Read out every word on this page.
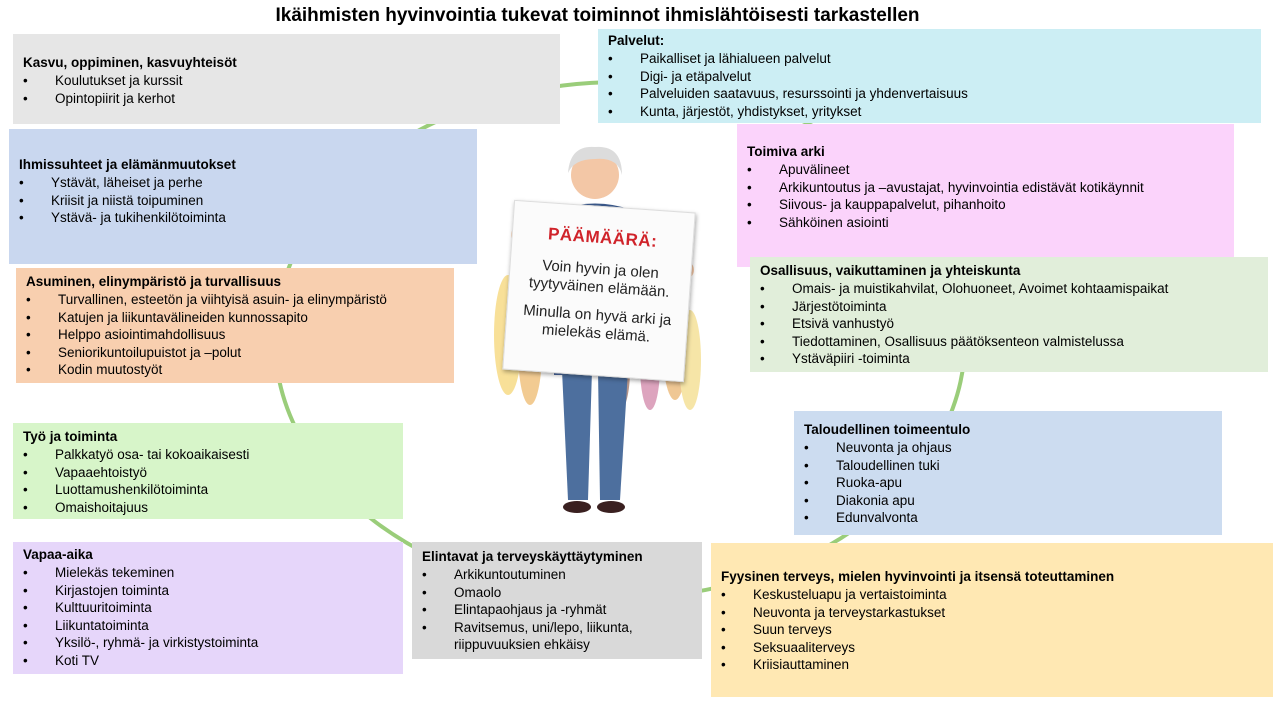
Ikäihmisten hyvinvointia tukevat toiminnot ihmislähtöisesti tarkastellen
PÄÄMÄÄRÄ:

Voin hyvin ja olen tyytyväinen elämään.

Minulla on hyvä arki ja mielekäs elämä.

Kasvu, oppiminen, kasvuyhteisöt
• Koulutukset ja kurssit
• Opintopiirit ja kerhot
Palvelut:
• Paikalliset ja lähialueen palvelut
• Digi- ja etäpalvelut
• Palveluiden saatavuus, resurssointi ja yhdenvertaisuus
• Kunta, järjestöt, yhdistykset, yritykset
Ihmissuhteet ja elämänmuutokset
• Ystävät, läheiset ja perhe
• Kriisit ja niistä toipuminen
• Ystävä- ja tukihenkilötoiminta
Toimiva arki
• Apuvälineet
• Arkikuntoutus ja –avustajat, hyvinvointia edistävät kotikäynnit
• Siivous- ja kauppapalvelut, pihanhoito
• Sähköinen asiointi
Asuminen, elinympäristö ja turvallisuus
• Turvallinen, esteetön ja viihtyisä asuin- ja elinympäristö
• Katujen ja liikuntavälineiden kunnossapito
• Helppo asiointimahdollisuus
• Seniorikuntoilupuistot ja –polut
• Kodin muutostyöt
Osallisuus, vaikuttaminen ja yhteiskunta
• Omais- ja muistikahvilat, Olohuoneet, Avoimet kohtaamispaikat
• Järjestötoiminta
• Etsivä vanhustyö
• Tiedottaminen, Osallisuus päätöksenteon valmistelussa
• Ystäväpiiri -toiminta
Työ ja toiminta
• Palkkatyö osa- tai kokoaikaisesti
• Vapaaehtoistyö
• Luottamushenkilötoiminta
• Omaishoitajuus
Taloudellinen toimeentulo
• Neuvonta ja ohjaus
• Taloudellinen tuki
• Ruoka-apu
• Diakonia apu
• Edunvalvonta
Vapaa-aika
• Mielekäs tekeminen
• Kirjastojen toiminta
• Kulttuuritoiminta
• Liikuntatoiminta
• Yksilö-, ryhmä- ja virkistystoiminta
• Koti TV
Elintavat ja terveyskäyttäytyminen
• Arkikuntoutuminen
• Omaolo
• Elintapaohjaus ja -ryhmät
• Ravitsemus, uni/lepo, liikunta, riippuvuuksien ehkäisy
Fyysinen terveys, mielen hyvinvointi ja itsensä toteuttaminen
• Keskusteluapu ja vertaistoiminta
• Neuvonta ja terveystarkastukset
• Suun terveys
• Seksuaaliterveys
• Kriisiauttaminen
